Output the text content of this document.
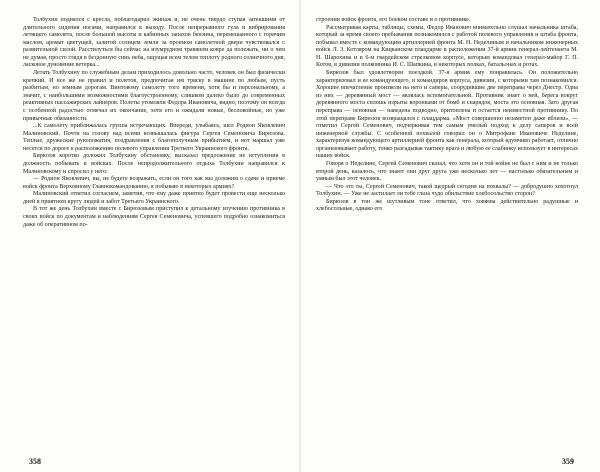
Толбухин поднялся с кресла, поблагодарил экипаж и, не очень твердо ступая затекшими от длительного сидения ногами, направился к выходу. После непрерывного гула и вибрирования летящего самолета, после большой высоты и кабинных запахов бензина, перемешанного с горячим маслом, аромат цветущей, залитой солнцем земли за проемом самолетной двери чувствовался с развительной силой. Расстилуться бы сейчас на изумрудном травяном ковре да полежать, ни о чем не думая, просто глядя в бездонную синь неба, ощущая всем телом теплоту родного солнечного дня, ласковое дуновение ветерка...

Летать Толбухину по служебным делам приходилось довольно часто, человек он был физически крепкий. И все же не правил и полетов, предпочитая им тряску в машине по любым, пусть разбитым, но земным дорогам. Винтовому самолету того времени, хотя бы и персональному, а значит, с наибольшими возможностями благоустроенному, слишком далеко было до современных реактивных пассажирских лайнеров. Полеты утомляли Федора Ивановича, видно, поэтому он всегда с особенной радостью отмечал их окончание, хотя его и ожидали новые, беспокойные, но уже привычные обязанности.

...К самолету приближалась группа встречающих. Впереди, улыбаясь, шел Родион Яковлевич Малиновский. Почти на голову над всеми возвышалась фигура Сергея Семеновича Бирюзова. Теплые, дружеские рукопожатия, поздравления с благополучным прибытием, и вот маршал уже несется по дороге к расположению полевого управления Третьего Украинского фронта.

Бирюзов коротко доложил Толбухину обстановку, высказал предложение не вступления в должность побывать в войсках. После непродолжительного отдыха Толбухин направился к Малиновскому и спросил у него:

— Родион Яковлевич, вы, не будете возражать, если он того как мы доложим о сдаче и приеме войск фронта Верховному Главнокомандованию, я побываю в некоторых армиях?

Малиновский ответил согласием, заметив, что ему даже приятно будет провести еще несколько дней в приятном кругу людей и забот Третьего Украинского.

В тот же день Толбухин вместе с Бирюзовым приступил к детальному изучению противника в своих войск по документам и наблюдениям Сергея Семеновича, успевшего подробно ознакомиться даже об оперативном по-

строении войск фронта, его боевом составе и о противнике.

Рассматривая карты, таблицы, схемы, Федор Иванович внимательно слушал начальника штаба, который за время своего пребывания познакомился с работой полевого управления и штаба фронта, побывал вместе с командующим артиллерией фронта М. Н. Неделиным и начальником инженерных войск Л. З. Котляром на Кицканском плацдарме в расположении 37-й армии генерал-лейтенанта М. Н. Шарохина и в 6-м гвардейском стрелковом корпусе, которым командовал генерал-майор Г. П. Котов, в дивизии полковника И. С. Шапкина, в некоторых полках, батальонах и ротах.

Бирюзов был удовлетворен поездкой. 37-я армия ему понравилась. Он положительно характеризовал и ее командующего, и командиров корпуса, дивизии, с которыми там познакомился. Хорошее впечатление произвели на него и саперы, соорудившие две переправы через Днестр. Одна из них — деревянный мост — являлась вспомогательной. Противник знает о ней, берега вокруг деревянного моста сплошь изрыты воронками от бомб и снарядов, моста это основная. Зато другая переправа — основная — наведена подводно, притоплена и остается неизвестной противнику. По этой переправе Бирюзов возвращался с плацдарма. «Мост совершенно незаметен даже вблизи», — отметил Сергей Семенович, подчеркивая тем самым умелый подход к делу саперов и всей инженерной службы. С особенной похвалой говорил он о Митрофане Ивановиче Неделине, характеризуя командующего артиллерией фронта как генерала, который вдумчиво работает, отлично организовывает работу, тонко разгадывая тактику врага и любую ее слабинку использует в интересах наших войск.

Говоря о Неделине, Сергей Семенович сказал, что хотя он и той войне не был с ним и не только второй день, казалось, что знают они друг друга уже несколько лет — настолько обязательным и умным был этот человек.

— Что это ты, Сергей Семенович, такой щедрый сегодня на похвалы? — добродушно хохотнул Толбухин. — Уже не застилает ли тебе глаза чудо обильствие хлебосольство сторон?

Бирюзов в тон же шутливым тоне ответил, что ховяева действительно радушные и хлебосольные, однако его

358	359
